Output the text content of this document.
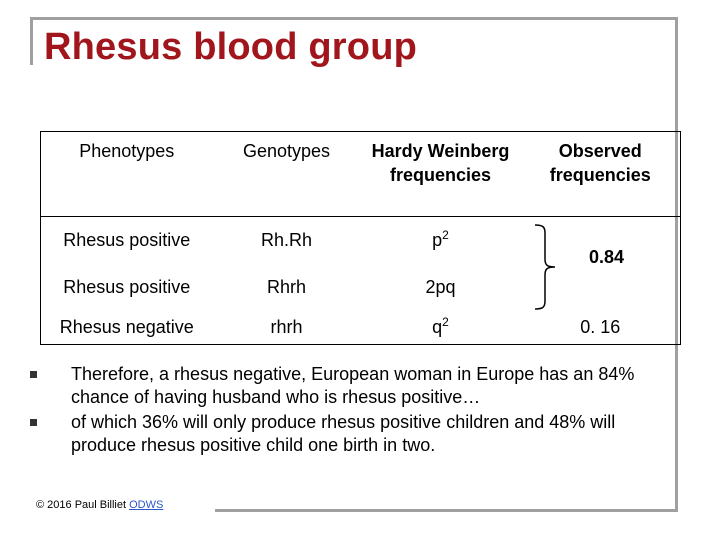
Rhesus blood group
Phenotypes	Genotypes	Hardy Weinberg frequencies	Observed frequencies
Rhesus positive	Rh.Rh	$p^2$	0.84

Rhesus positive	Rhrh	2pq	
Rhesus negative	rhrh	$q^2$	0. 16
Therefore, a rhesus negative, European woman in Europe has an 84% chance of having husband who is rhesus positive…
of which 36% will only produce rhesus positive children and 48% will produce rhesus positive child one birth in two.
© 2016 Paul Billiet ODWS
